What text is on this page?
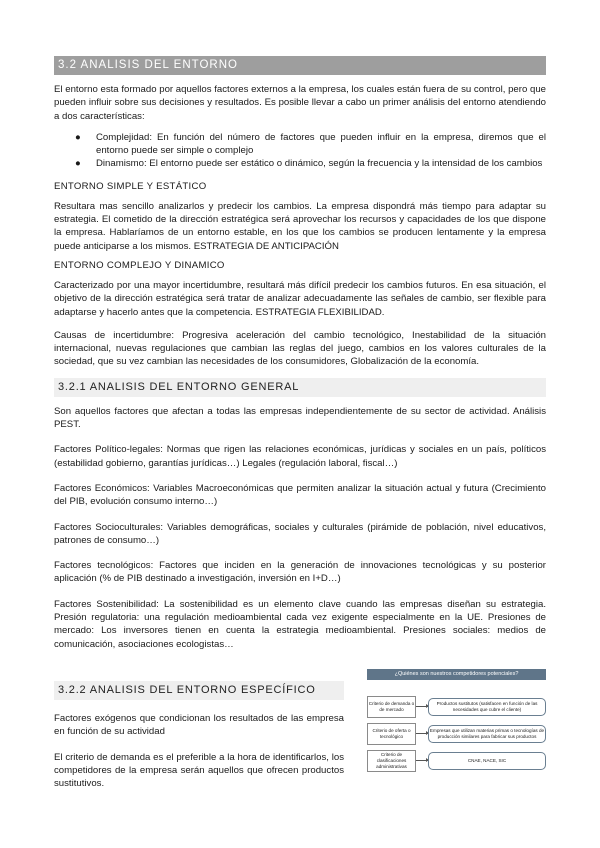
3.2 ANALISIS DEL ENTORNO

El entorno esta formado por aquellos factores externos a la empresa, los cuales están fuera de su control, pero que pueden influir sobre sus decisiones y resultados. Es posible llevar a cabo un primer análisis del entorno atendiendo a dos características:

● Complejidad: En función del número de factores que pueden influir en la empresa, diremos que el entorno puede ser simple o complejo
● Dinamismo: El entorno puede ser estático o dinámico, según la frecuencia y la intensidad de los cambios
ENTORNO SIMPLE Y ESTÁTICO

Resultara mas sencillo analizarlos y predecir los cambios. La empresa dispondrá más tiempo para adaptar su estrategia. El cometido de la dirección estratégica será aprovechar los recursos y capacidades de los que dispone la empresa. Hablaríamos de un entorno estable, en los que los cambios se producen lentamente y la empresa puede anticiparse a los mismos. ESTRATEGIA DE ANTICIPACIÓN

ENTORNO COMPLEJO Y DINAMICO

Caracterizado por una mayor incertidumbre, resultará más difícil predecir los cambios futuros. En esa situación, el objetivo de la dirección estratégica será tratar de analizar adecuadamente las señales de cambio, ser flexible para adaptarse y hacerlo antes que la competencia. ESTRATEGIA FLEXIBILIDAD.

Causas de incertidumbre: Progresiva aceleración del cambio tecnológico, Inestabilidad de la situación internacional, nuevas regulaciones que cambian las reglas del juego, cambios en los valores culturales de la sociedad, que su vez cambian las necesidades de los consumidores, Globalización de la economía.

3.2.1 ANALISIS DEL ENTORNO GENERAL

Son aquellos factores que afectan a todas las empresas independientemente de su sector de actividad. Análisis PEST.

Factores Político-legales: Normas que rigen las relaciones económicas, jurídicas y sociales en un país, políticos (estabilidad gobierno, garantías jurídicas…) Legales (regulación laboral, fiscal…)

Factores Económicos: Variables Macroeconómicas que permiten analizar la situación actual y futura (Crecimiento del PIB, evolución consumo interno…)

Factores Socioculturales: Variables demográficas, sociales y culturales (pirámide de población, nivel educativos, patrones de consumo…)

Factores tecnológicos: Factores que inciden en la generación de innovaciones tecnológicas y su posterior aplicación (% de PIB destinado a investigación, inversión en I+D…)

Factores Sostenibilidad: La sostenibilidad es un elemento clave cuando las empresas diseñan su estrategia. Presión regulatoria: una regulación medioambiental cada vez exigente especialmente en la UE. Presiones de mercado: Los inversores tienen en cuenta la estrategia medioambiental. Presiones sociales: medios de comunicación, asociaciones ecologistas…

3.2.2 ANALISIS DEL ENTORNO ESPECÍFICO

Factores exógenos que condicionan los resultados de las empresa en función de su actividad

El criterio de demanda es el preferible a la hora de identificarlos, los competidores de la empresa serán aquellos que ofrecen productos sustitutivos.

¿Quiénes son nuestros competidores potenciales?
Criterio de demanda o de mercado
Productos sustitutos (satisfacen en función de las necesidades que cubre el cliente)
Criterio de oferta o tecnológico
Empresas que utilizan materias primas o tecnologías de producción similares para fabricar sus productos
Criterio de clasificaciones administrativas
CNAE, NACE, SIC
